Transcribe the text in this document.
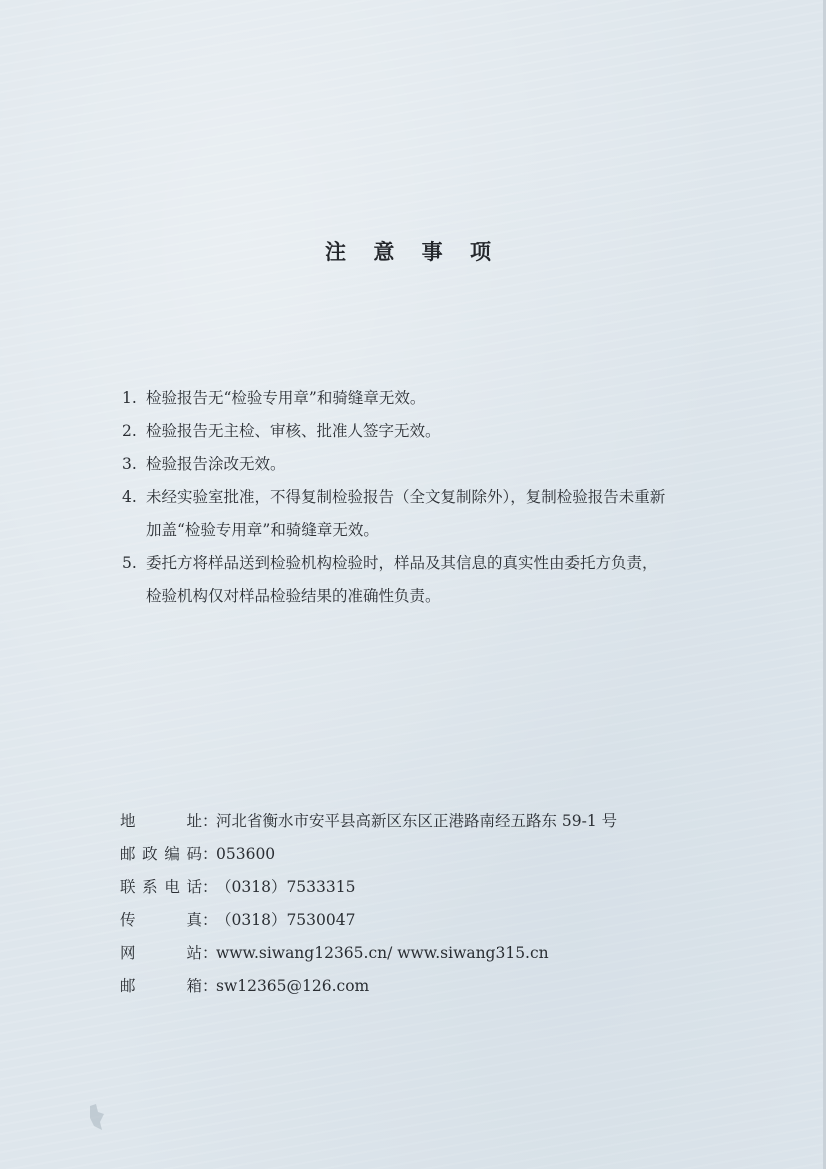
注 意 事 项
1. 检验报告无“检验专用章”和骑缝章无效。
2. 检验报告无主检、审核、批准人签字无效。
3. 检验报告涂改无效。
4. 未经实验室批准，不得复制检验报告（全文复制除外），复制检验报告未重新
加盖“检验专用章”和骑缝章无效。
5. 委托方将样品送到检验机构检验时，样品及其信息的真实性由委托方负责，
检验机构仅对样品检验结果的准确性负责。
地址 ：
河北省衡水市安平县高新区东区正港路南经五路东 59-1 号
邮政编码 ：
053600
联系电话 ：
（0318）7533315
传真 ：
（0318）7530047
网站 ：
www.siwang12365.cn/ www.siwang315.cn
邮箱 ：
sw12365@126.com
